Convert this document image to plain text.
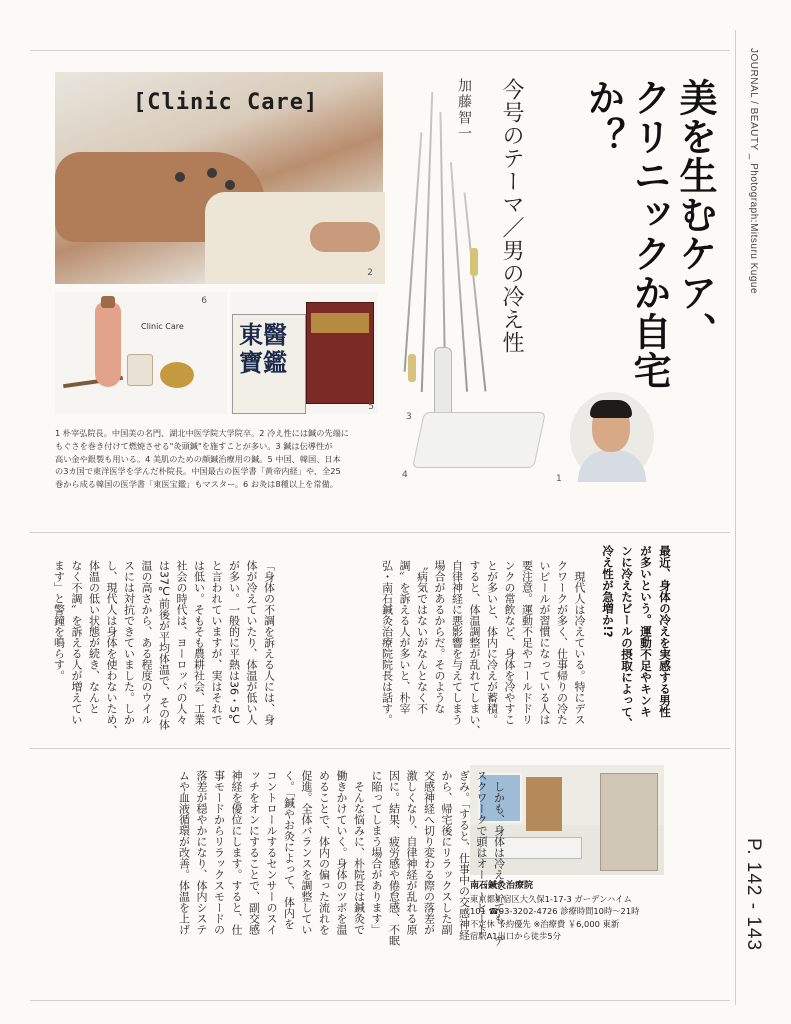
JOURNAL / BEAUTY _ Photograph:Mitsuru Kugue
P. 142 - 143
[Clinic Care]
2
Clinic Care
6
東醫
寶鑑
5
3
4	1
1 朴宰弘院長。中国美の名門、湖北中医学院大学院卒。2 冷え性には鍼の先端に
もぐさを巻き付けて燃焼させる"灸頭鍼"を施すことが多い。3 鍼は伝導性が
高い金や銀製も用いる。4 美肌のための顔鍼治療用の鍼。5 中国、韓国、日本
の3カ国で東洋医学を学んだ朴院長。中国最古の医学書「黄帝内経」や、全25
巻から成る韓国の医学書「東医宝鑑」もマスター。6 お灸は8種以上を常備。
美を生むケア、
クリニックか自宅か？
今号のテーマ／男の冷え性
加藤智一
最近、身体の冷えを実感する男性
が多いという。運動不足やキンキ
ンに冷えたビールの摂取によって、
冷え性が急増か!?
　現代人は冷えている。特にデス
クワークが多く、仕事帰りの冷た
いビールが習慣になっている人は
要注意。運動不足やコールドドリ
ンクの常飲など、身体を冷やすこ
とが多いと、体内に冷えが蓄積。
すると、体温調整が乱れてしまい、
自律神経に悪影響を与えてしまう
場合があるからだ。そのような
〝病気ではないがなんとなく不
調〟を訴える人が多いと、朴宰
弘・南石鍼灸治療院院長は話す。
「身体の不調を訴える人には、身
体が冷えていたり、体温が低い人
が多い。一般的に平熱は36・5℃
と言われていますが、実はそれで
は低い。そもそも農耕社会、工業
社会の時代は、ヨーロッパの人々
は37℃前後が平均体温で、その体
温の高さから、ある程度のウイル
スには対抗できていました。しか
し、現代人は身体を使わないため、
体温の低い状態が続き、なんと
なく不調〟を訴える人が増えてい
ます」と警鐘を鳴らす。
南石鍼灸治療院
東京都新宿区大久保1-17-3 ガーデンハイム
101 ☎03-3202-4726 診療時間10時～21時
不定休 予約優先 ※治療費 ￥6,000 東新
宿駅A1出口から徒歩5分
　しかも、身体は冷えていても、デ
スクワークで頭はオーバーヒート
ぎみ。「すると、仕事中の交感神経
から、帰宅後にリラックスした副
交感神経へ切り変わる際の落差が
激しくなり、自律神経が乱れる原
因に。結果、疲労感や倦怠感、不眠
に陥ってしまう場合があります」
　そんな悩みに、朴院長は鍼灸で
働きかけていく。身体のツボを温
めることで、体内の偏った流れを
促進。全体バランスを調整してい
く。「鍼やお灸によって、体内を
コントロールするセンサーのスイ
ッチをオンにすることで、副交感
神経を優位にします。すると、仕
事モードからリラックスモードの
落差が穏やかになり、体内システ
ムや血液循環が改善。体温を上げ
